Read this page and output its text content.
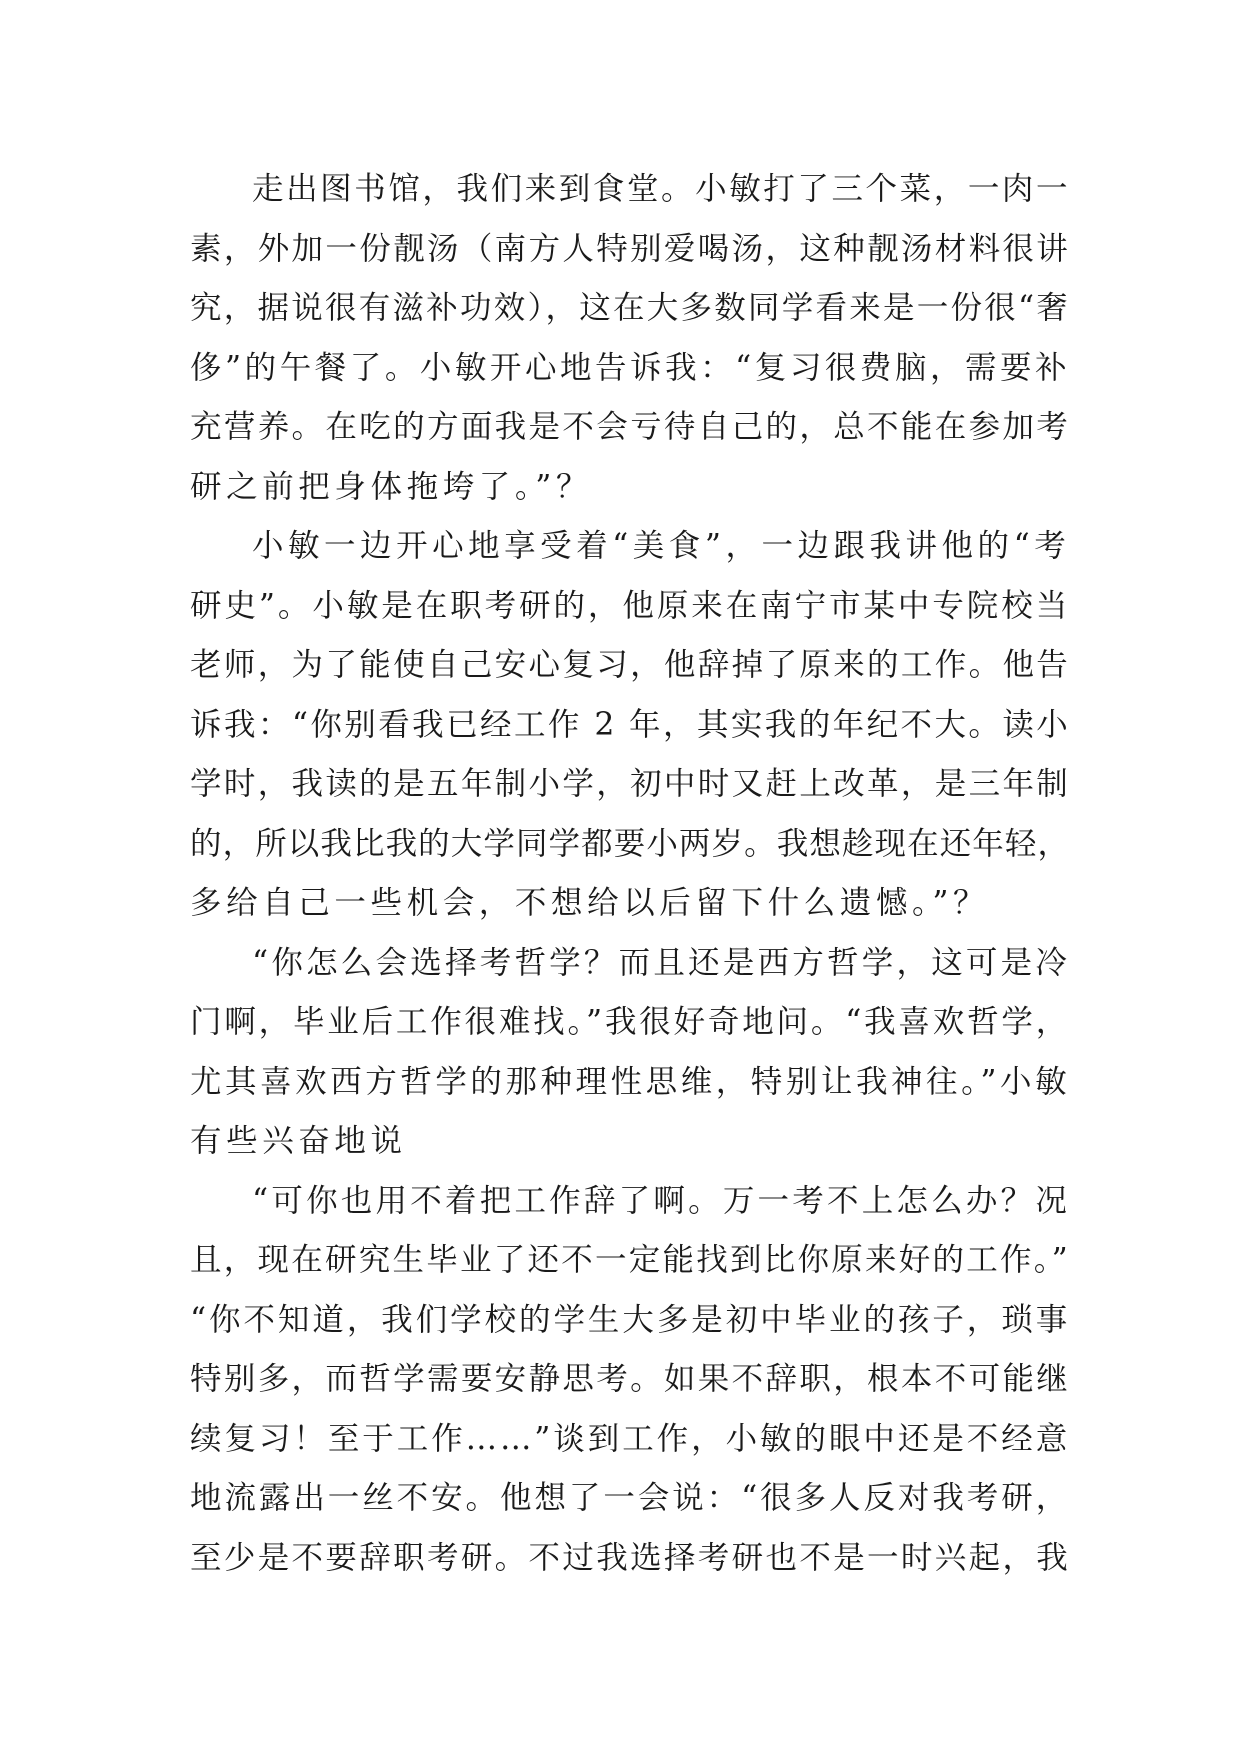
走出图书馆，我们来到食堂。小敏打了三个菜，一肉一
素，外加一份靓汤（南方人特别爱喝汤，这种靓汤材料很讲
究，据说很有滋补功效），这在大多数同学看来是一份很“奢
侈”的午餐了。小敏开心地告诉我：“复习很费脑，需要补
充营养。在吃的方面我是不会亏待自己的，总不能在参加考
研之前把身体拖垮了。”？
小敏一边开心地享受着“美食”，一边跟我讲他的“考
研史”。小敏是在职考研的，他原来在南宁市某中专院校当
老师，为了能使自己安心复习，他辞掉了原来的工作。他告
诉我：“你别看我已经工作 2 年，其实我的年纪不大。读小
学时，我读的是五年制小学，初中时又赶上改革，是三年制
的，所以我比我的大学同学都要小两岁。我想趁现在还年轻，
多给自己一些机会，不想给以后留下什么遗憾。”？
“你怎么会选择考哲学？而且还是西方哲学，这可是冷
门啊，毕业后工作很难找。”我很好奇地问。“我喜欢哲学，
尤其喜欢西方哲学的那种理性思维，特别让我神往。”小敏
有些兴奋地说
“可你也用不着把工作辞了啊。万一考不上怎么办？况
且，现在研究生毕业了还不一定能找到比你原来好的工作。”
“你不知道，我们学校的学生大多是初中毕业的孩子，琐事
特别多，而哲学需要安静思考。如果不辞职，根本不可能继
续复习！至于工作……”谈到工作，小敏的眼中还是不经意
地流露出一丝不安。他想了一会说：“很多人反对我考研，
至少是不要辞职考研。不过我选择考研也不是一时兴起，我
